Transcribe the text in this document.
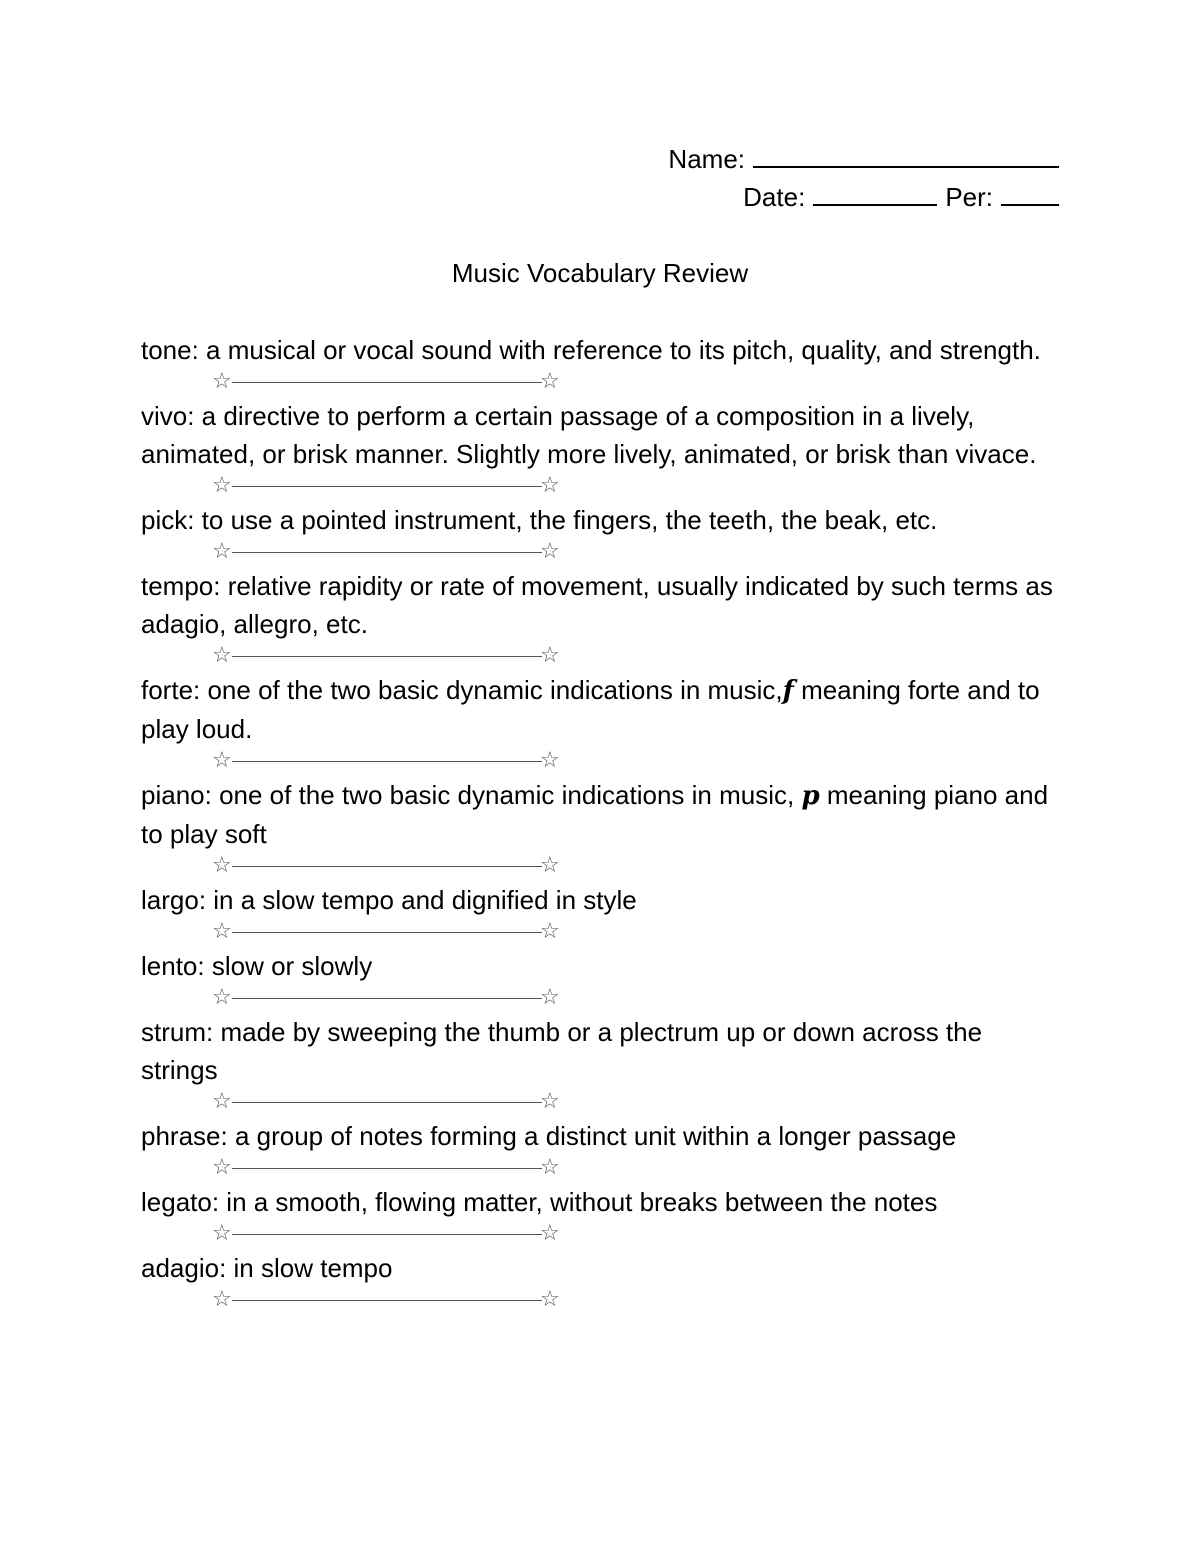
Name:
Date:	Per:
Music Vocabulary Review

tone: a musical or vocal sound with reference to its pitch, quality, and strength.

☆	☆

vivo: a directive to perform a certain passage of a composition in a lively, animated, or brisk manner. Slightly more lively, animated, or brisk than vivace.

☆	☆

pick: to use a pointed instrument, the fingers, the teeth, the beak, etc.

☆	☆

tempo: relative rapidity or rate of movement, usually indicated by such terms as adagio, allegro, etc.

☆	☆

forte: one of the two basic dynamic indications in music,f meaning forte and to play loud.

☆	☆

piano: one of the two basic dynamic indications in music, p meaning piano and to play soft

☆	☆

largo: in a slow tempo and dignified in style

☆	☆

lento: slow or slowly

☆	☆

strum: made by sweeping the thumb or a plectrum up or down across the strings

☆	☆

phrase: a group of notes forming a distinct unit within a longer passage

☆	☆

legato: in a smooth, flowing matter, without breaks between the notes

☆	☆

adagio: in slow tempo

☆	☆
